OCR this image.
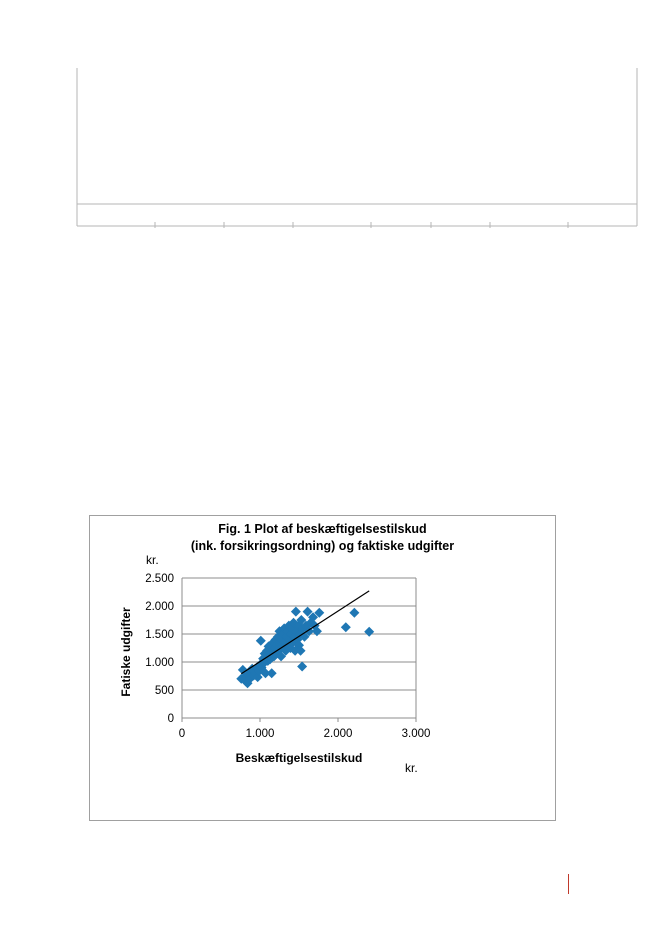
Fig. 1 Plot af beskæftigelsestilskud
(ink. forsikringsordning) og faktiske udgifter
0
500
1.000
1.500
2.000
2.500
0	1.000	2.000	3.000
Fatiske udgifter
Beskæftigelsestilskud
kr.
kr.
